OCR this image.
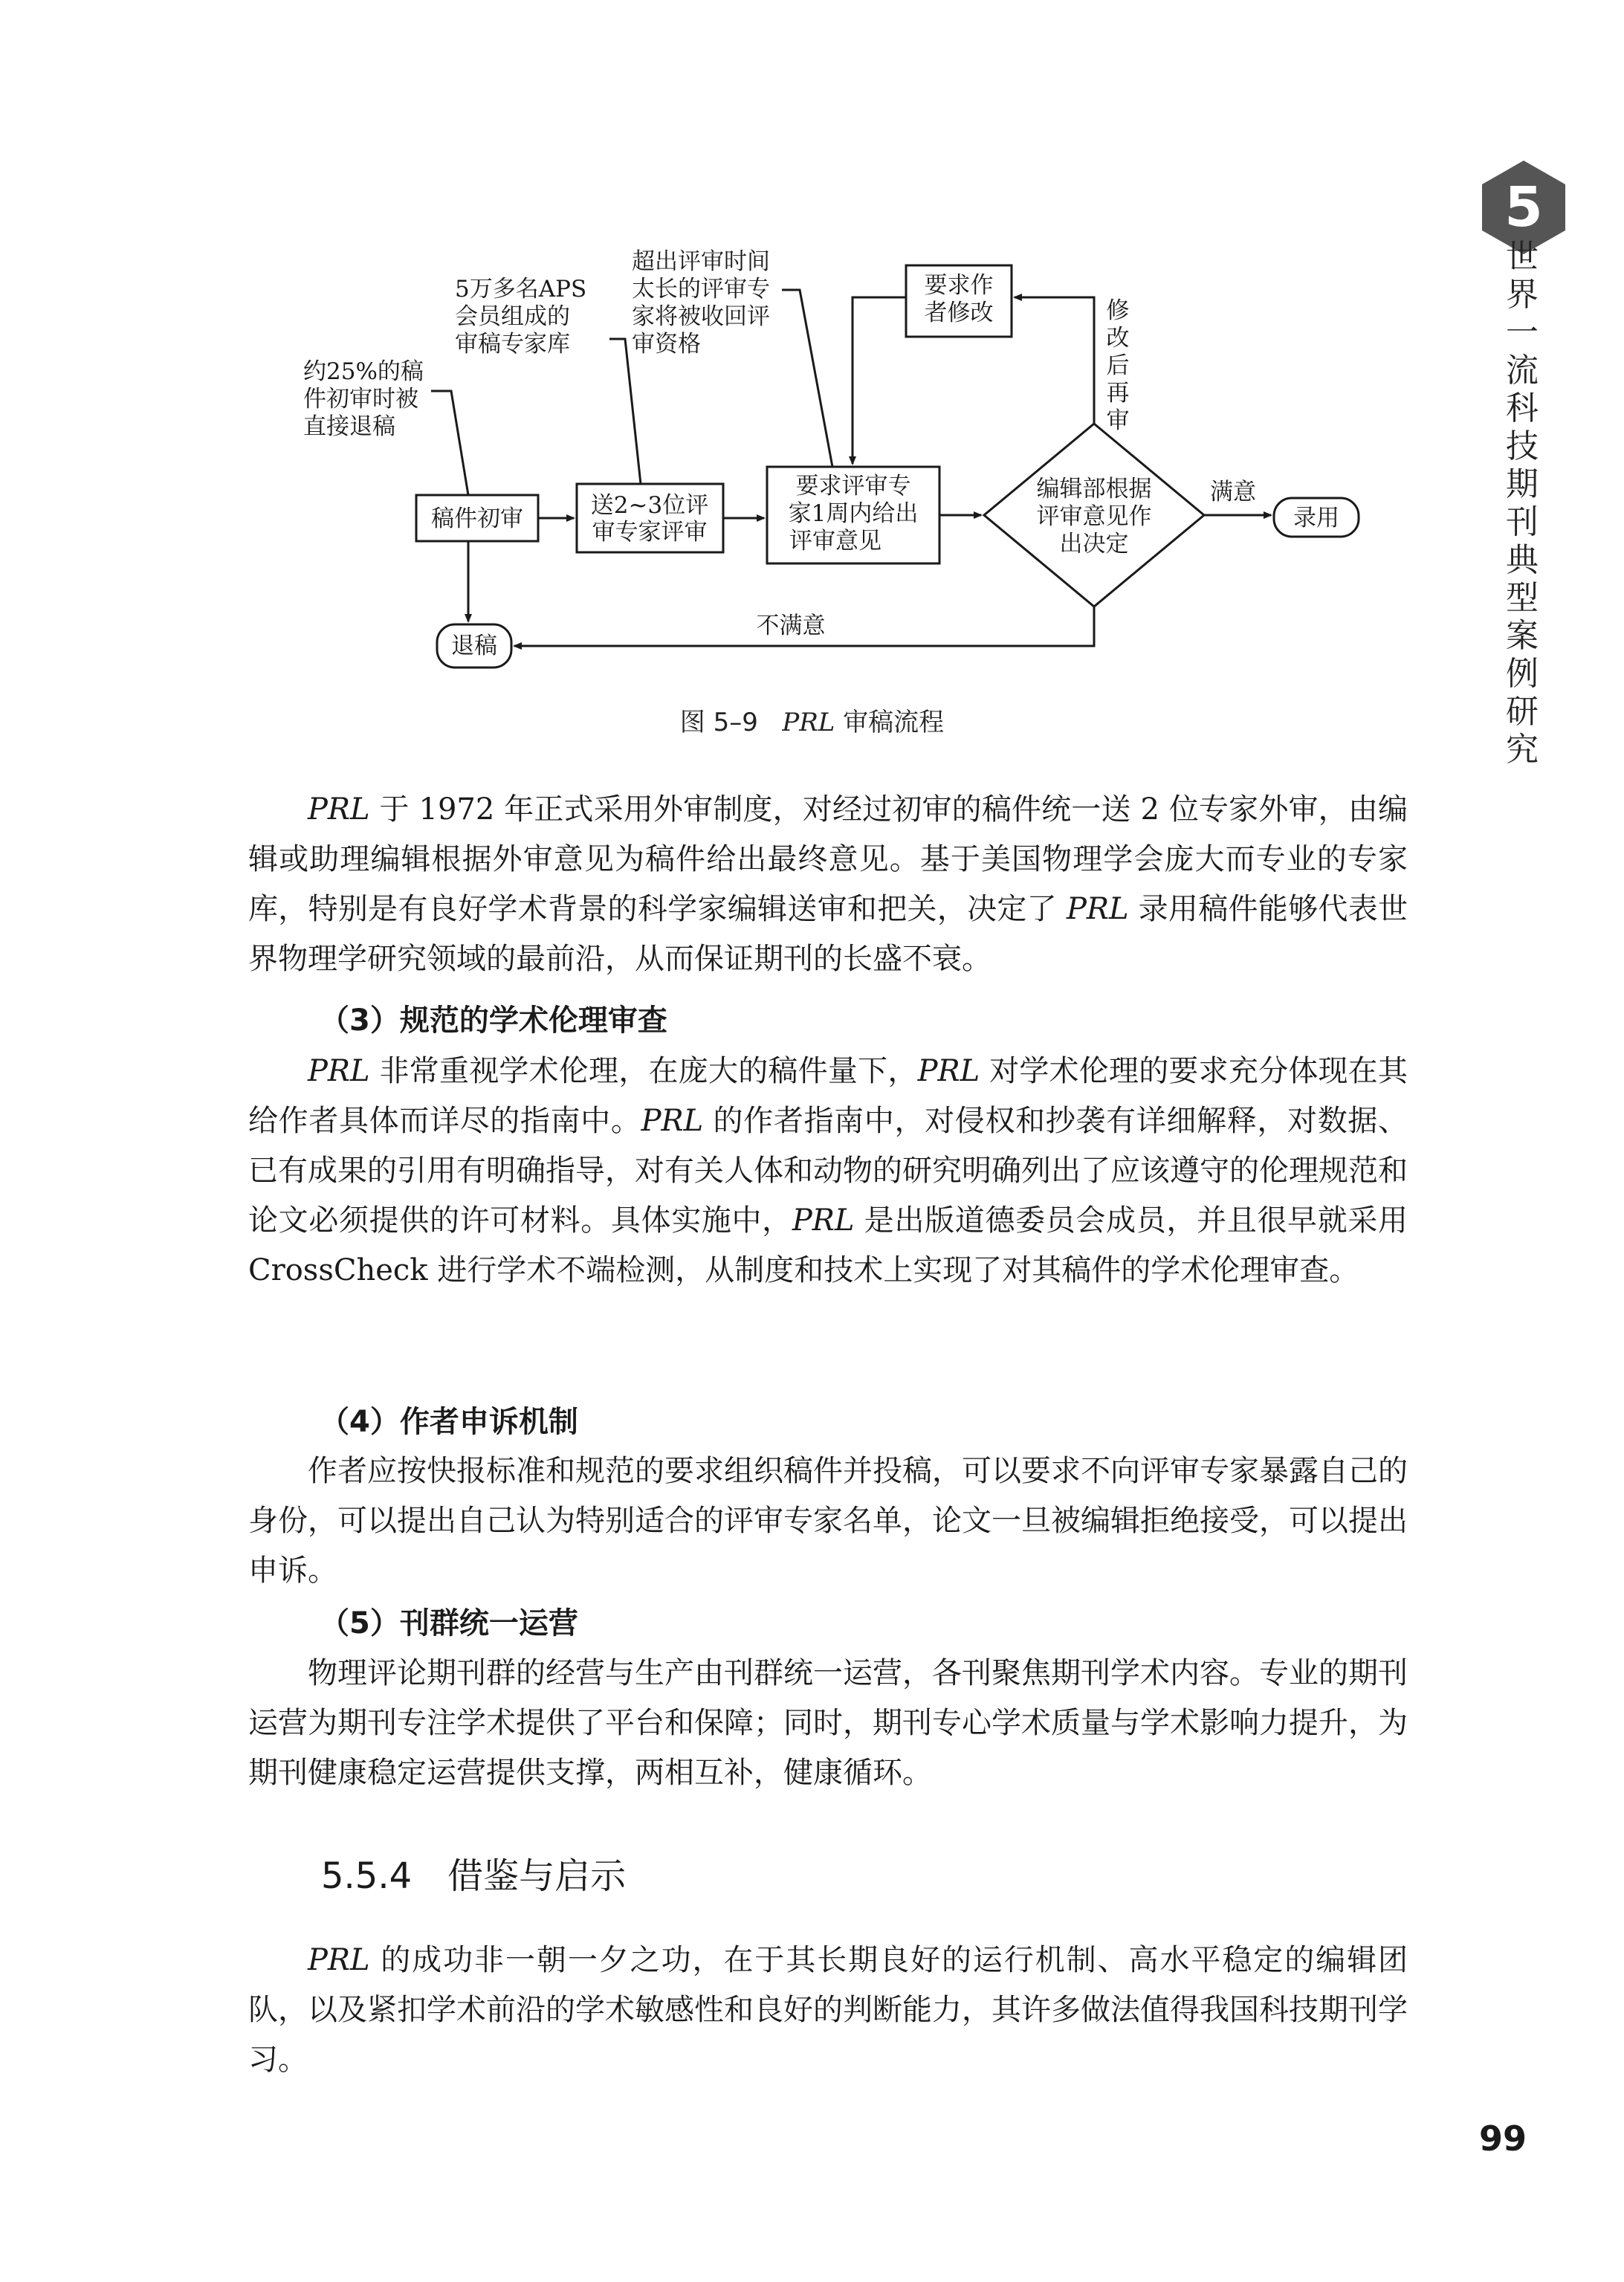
5
世界一流科技期刊典型案例研究
稿件初审	送2~3位评
审专家评审
要求评审专
家1周内给出
评审意见
编辑部根据
评审意见作
出决定
要求作
者修改
录用
退稿
约25%的稿
件初审时被
直接退稿
5万多名APS
会员组成的
审稿专家库
超出评审时间
太长的评审专
家将被收回评
审资格
满意
不满意
修
改
后
再
审
图 5–9 PRL 审稿流程

PRL 于 1972 年正式采用外审制度，对经过初审的稿件统一送 2 位专家外审，由编辑或助理编辑根据外审意见为稿件给出最终意见。基于美国物理学会庞大而专业的专家库，特别是有良好学术背景的科学家编辑送审和把关，决定了 PRL 录用稿件能够代表世界物理学研究领域的最前沿，从而保证期刊的长盛不衰。

（3）规范的学术伦理审查

PRL 非常重视学术伦理，在庞大的稿件量下，PRL 对学术伦理的要求充分体现在其给作者具体而详尽的指南中。PRL 的作者指南中，对侵权和抄袭有详细解释，对数据、已有成果的引用有明确指导，对有关人体和动物的研究明确列出了应该遵守的伦理规范和论文必须提供的许可材料。具体实施中，PRL 是出版道德委员会成员，并且很早就采用 CrossCheck 进行学术不端检测，从制度和技术上实现了对其稿件的学术伦理审查。

（4）作者申诉机制

作者应按快报标准和规范的要求组织稿件并投稿，可以要求不向评审专家暴露自己的身份，可以提出自己认为特别适合的评审专家名单，论文一旦被编辑拒绝接受，可以提出申诉。

（5）刊群统一运营

物理评论期刊群的经营与生产由刊群统一运营，各刊聚焦期刊学术内容。专业的期刊运营为期刊专注学术提供了平台和保障；同时，期刊专心学术质量与学术影响力提升，为期刊健康稳定运营提供支撑，两相互补，健康循环。

5.5.4　借鉴与启示

PRL 的成功非一朝一夕之功，在于其长期良好的运行机制、高水平稳定的编辑团队，以及紧扣学术前沿的学术敏感性和良好的判断能力，其许多做法值得我国科技期刊学习。

99
